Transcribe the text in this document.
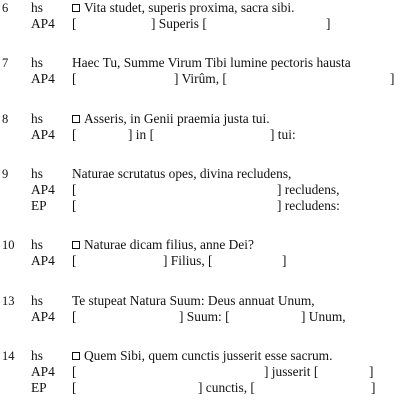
6 hs	Vita studet, superis proxima, sacra sibi.
AP4 [	] Superis [	]
7 hs Haec Tu, Summe Virum Tibi lumine pectoris hausta
AP4 [	] Virûm, [	]
8 hs	Asseris, in Genii praemia justa tui.
AP4 [	] in [	] tui:
9 hs Naturae scrutatus opes, divina recludens,
AP4 [	] recludens,
EP [	] recludens:
10 hs	Naturae dicam filius, anne Dei?
AP4 [	] Filius, [	]
13 hs Te stupeat Natura Suum: Deus annuat Unum,
AP4 [	] Suum: [	] Unum,
14 hs	Quem Sibi, quem cunctis jusserit esse sacrum.
AP4 [	] jusserit [	]
EP [	] cunctis, [	]
